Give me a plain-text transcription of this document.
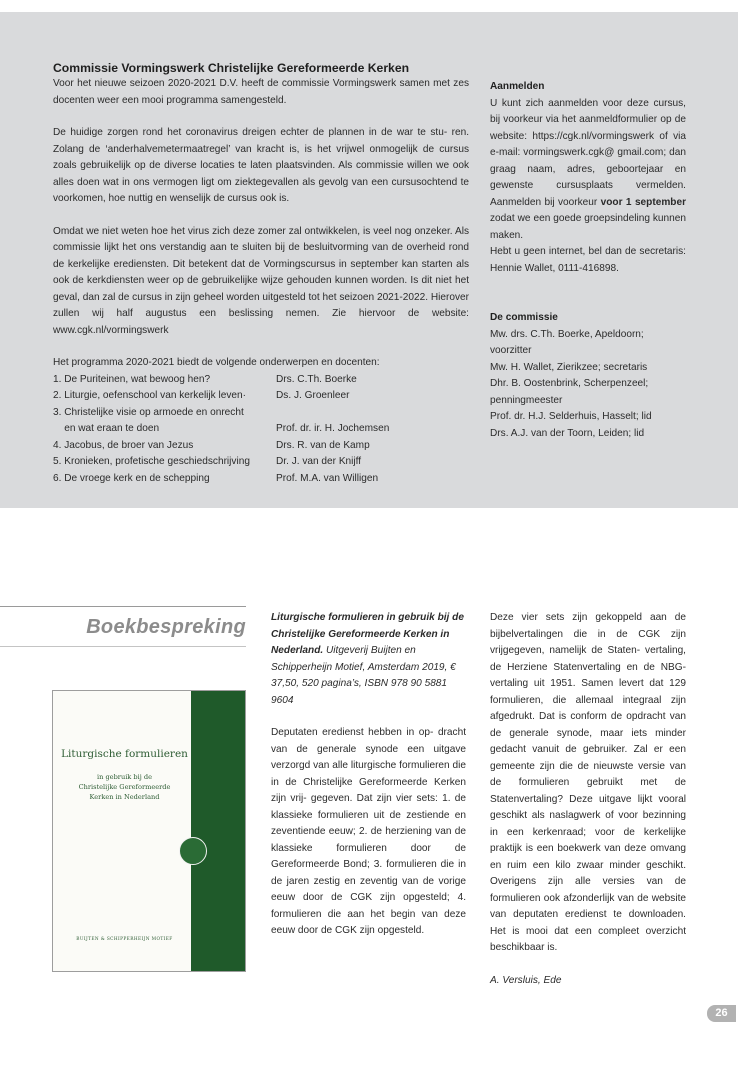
Commissie Vormingswerk Christelijke Gereformeerde Kerken

Voor het nieuwe seizoen 2020-2021 D.V. heeft de commissie Vormingswerk samen met zes docenten weer een mooi programma samengesteld.

De huidige zorgen rond het coronavirus dreigen echter de plannen in de war te stu- ren. Zolang de ‘anderhalvemetermaatregel’ van kracht is, is het vrijwel onmogelijk de cursus zoals gebruikelijk op de diverse locaties te laten plaatsvinden. Als commissie willen we ook alles doen wat in ons vermogen ligt om ziektegevallen als gevolg van een cursusochtend te voorkomen, hoe nuttig en wenselijk de cursus ook is.

Omdat we niet weten hoe het virus zich deze zomer zal ontwikkelen, is veel nog onzeker. Als commissie lijkt het ons verstandig aan te sluiten bij de besluitvorming van de overheid rond de kerkelijke erediensten. Dit betekent dat de Vormingscursus in september kan starten als ook de kerkdiensten weer op de gebruikelijke wijze gehouden kunnen worden. Is dit niet het geval, dan zal de cursus in zijn geheel worden uitgesteld tot het seizoen 2021-2022. Hierover zullen wij half augustus een beslissing nemen. Zie hiervoor de website: www.cgk.nl/vormingswerk

Het programma 2020-2021 biedt de volgende onderwerpen en docenten:

1. De Puriteinen, wat bewoog hen?	Drs. C.Th. Boerke
2. Liturgie, oefenschool van kerkelijk leven·	Ds. J. Groenleer
3. Christelijke visie op armoede en onrecht
en wat eraan te doen	Prof. dr. ir. H. Jochemsen
4. Jacobus, de broer van Jezus	Drs. R. van de Kamp
5. Kronieken, profetische geschiedschrijving	Dr. J. van der Knijff
6. De vroege kerk en de schepping	Prof. M.A. van Willigen
Aanmelden
U kunt zich aanmelden voor deze cursus, bij voorkeur via het aanmeldformulier op de website: https://cgk.nl/vormingswerk of via e-mail: vormingswerk.cgk@ gmail.com; dan graag naam, adres, geboortejaar en gewenste cursusplaats vermelden. Aanmelden bij voorkeur voor 1 september zodat we een goede groepsindeling kunnen maken.
Hebt u geen internet, bel dan de secretaris: Hennie Wallet, 0111-416898.
De commissie
Mw. drs. C.Th. Boerke, Apeldoorn; voorzitter
Mw. H. Wallet, Zierikzee; secretaris
Dhr. B. Oostenbrink, Scherpenzeel; penningmeester
Prof. dr. H.J. Selderhuis, Hasselt; lid
Drs. A.J. van der Toorn, Leiden; lid
Boekbespreking
Liturgische formulieren
in gebruik bij de
Christelijke Gereformeerde
Kerken in Nederland
BUIJTEN & SCHIPPERHEIJN MOTIEF

Liturgische formulieren in gebruik bij de Christelijke Gereformeerde Kerken in Nederland. Uitgeverij Buijten en Schipperheijn Motief, Amsterdam 2019, € 37,50, 520 pagina’s, ISBN 978 90 5881 9604

Deputaten eredienst hebben in op- dracht van de generale synode een uitgave verzorgd van alle liturgische formulieren die in de Christelijke Gereformeerde Kerken zijn vrij- gegeven. Dat zijn vier sets: 1. de klassieke formulieren uit de zestiende en zeventiende eeuw; 2. de herziening van de klassieke formulieren door de Gereformeerde Bond; 3. formulieren die in de jaren zestig en zeventig van de vorige eeuw door de CGK zijn opgesteld; 4. formulieren die aan het begin van deze eeuw door de CGK zijn opgesteld.

Deze vier sets zijn gekoppeld aan de bijbelvertalingen die in de CGK zijn vrijgegeven, namelijk de Staten- vertaling, de Herziene Statenvertaling en de NBG-vertaling uit 1951. Samen levert dat 129 formulieren, die allemaal integraal zijn afgedrukt. Dat is conform de opdracht van de generale synode, maar iets minder gedacht vanuit de gebruiker. Zal er een gemeente zijn die de nieuwste versie van de formulieren gebruikt met de Statenvertaling? Deze uitgave lijkt vooral geschikt als naslagwerk of voor bezinning in een kerkenraad; voor de kerkelijke praktijk is een boekwerk van deze omvang en ruim een kilo zwaar minder geschikt. Overigens zijn alle versies van de formulieren ook afzonderlijk van de website van deputaten eredienst te downloaden. Het is mooi dat een compleet overzicht beschikbaar is.

A. Versluis, Ede

26
